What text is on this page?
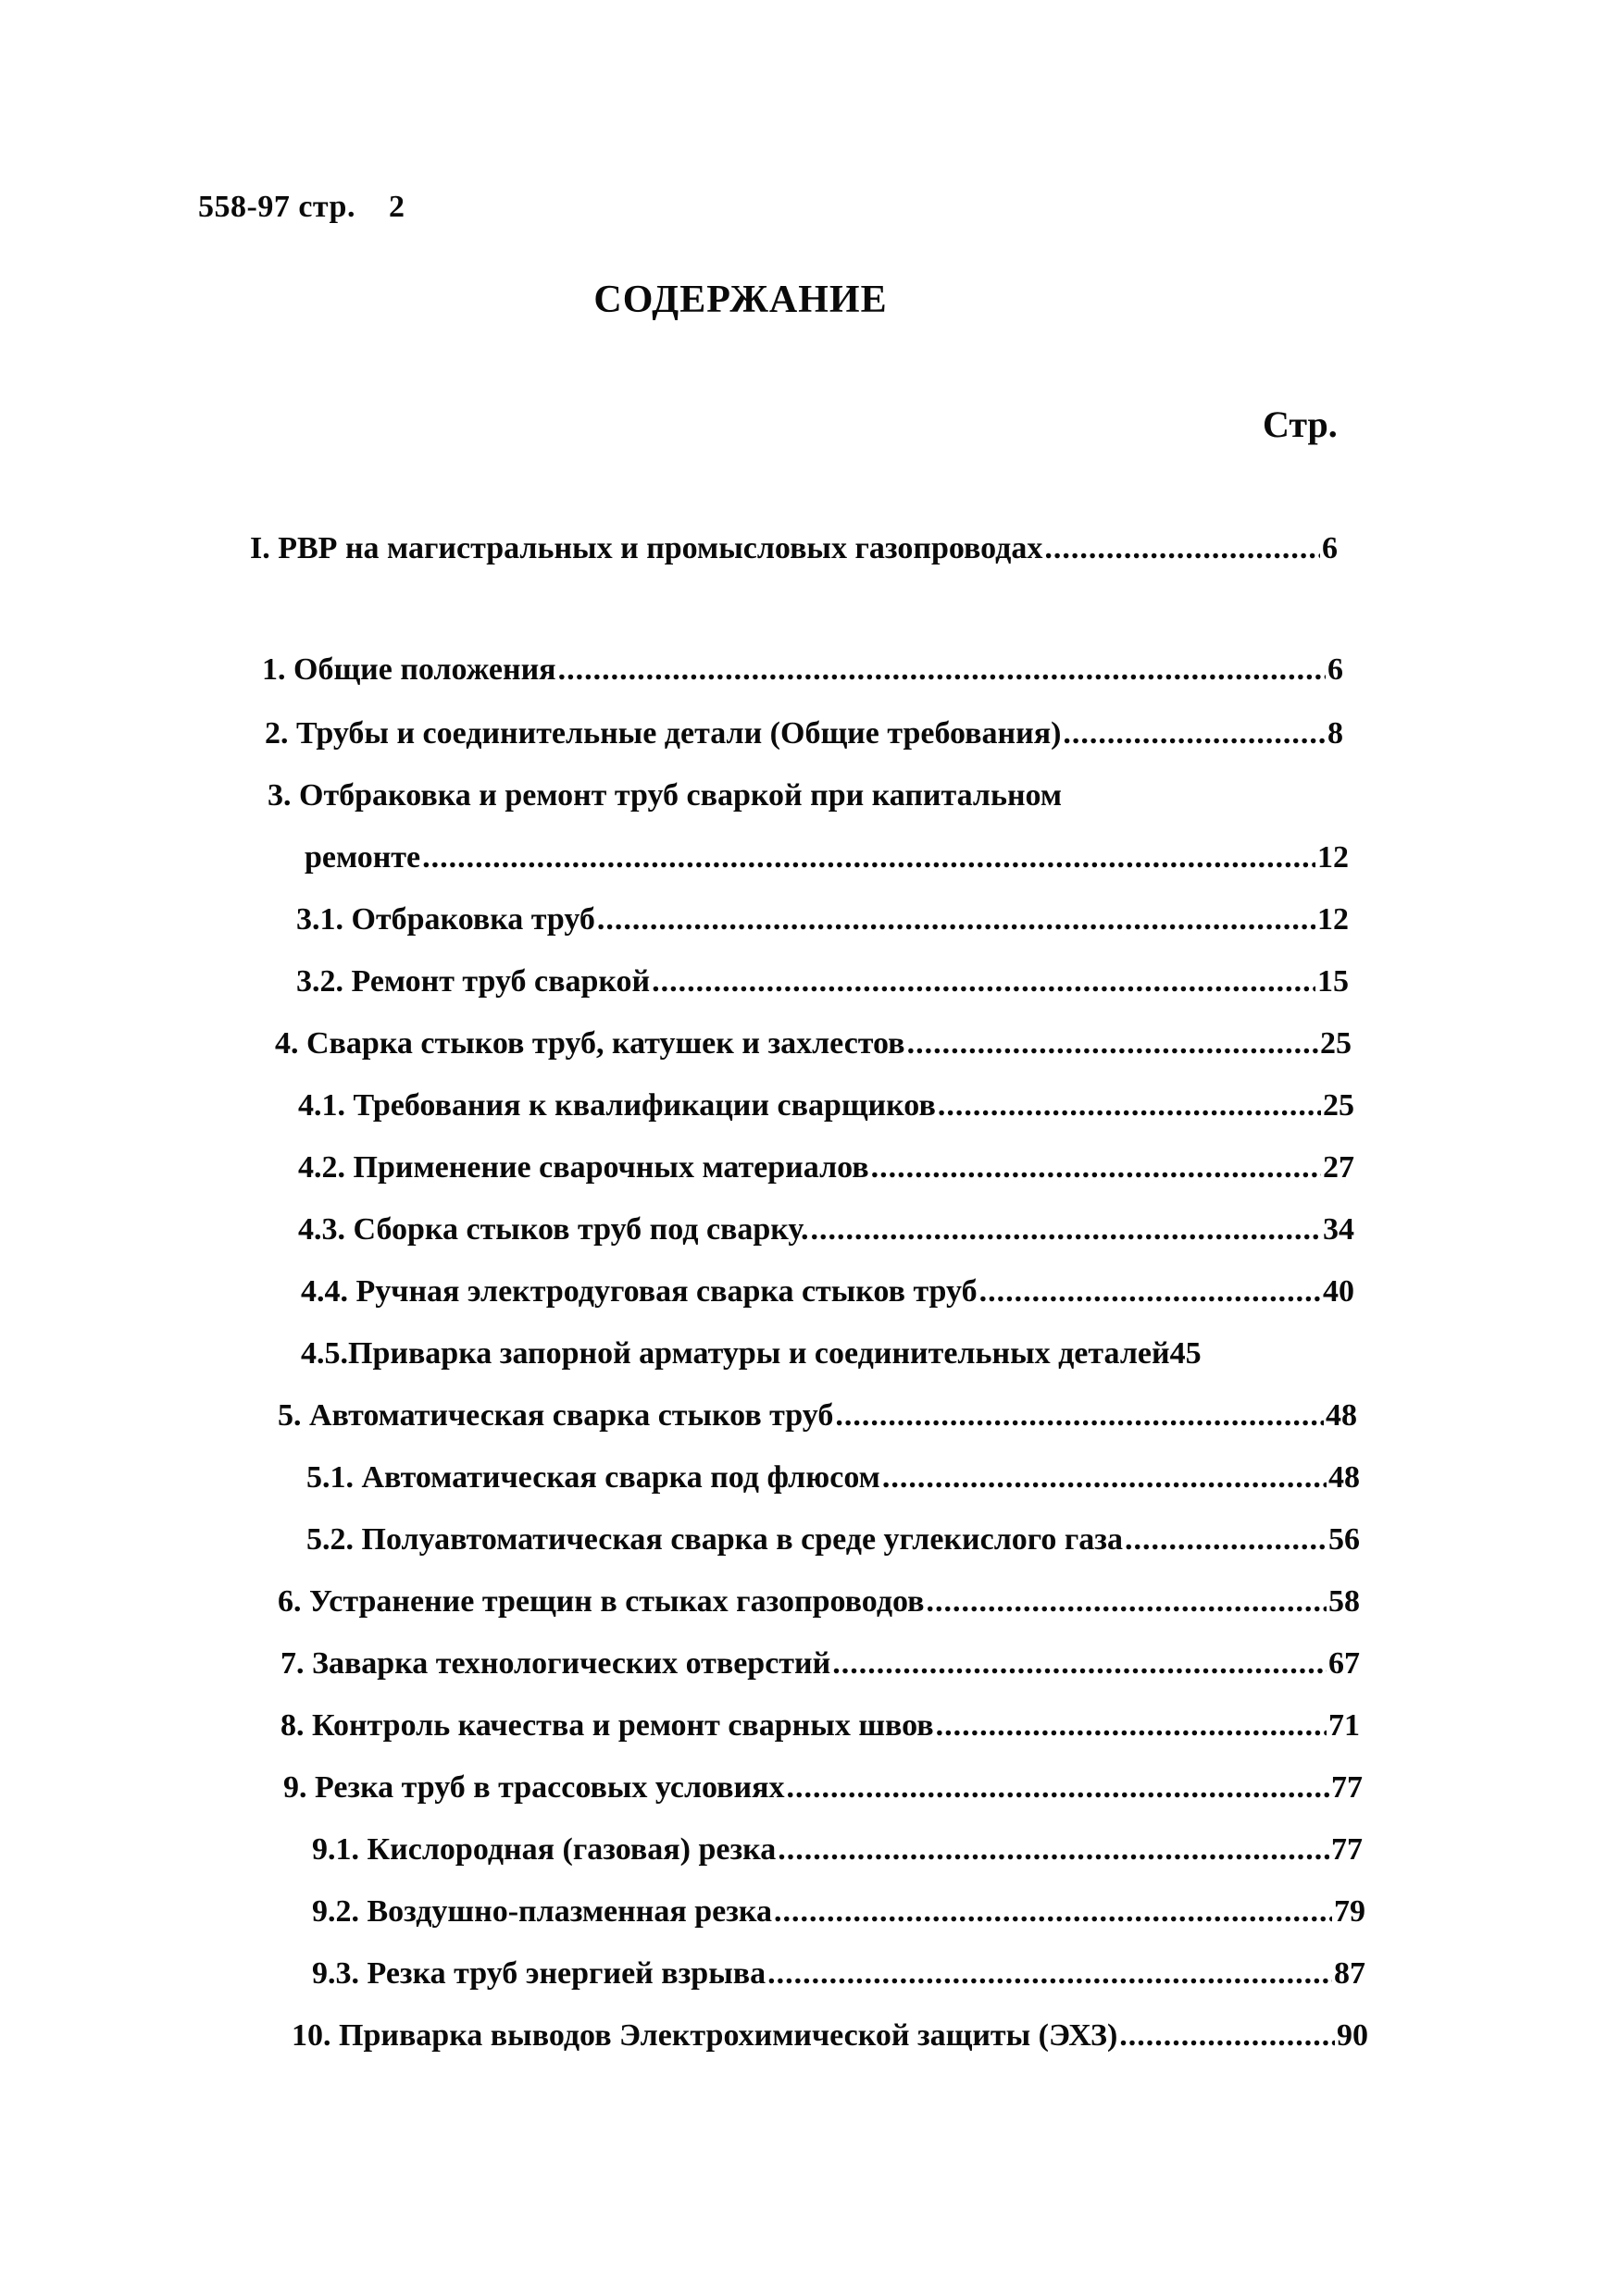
558-97 стр. 2
СОДЕРЖАНИЕ
Стр.
I. РВР на магистральных и промысловых газопроводах .....	6
1. Общие положения .....	6
2. Трубы и соединительные детали (Общие требования) .....	8
3. Отбраковка и ремонт труб сваркой при капитальном
ремонте .....	12
3.1. Отбраковка труб .....	12
3.2. Ремонт труб сваркой .....	15
4. Сварка стыков труб, катушек и захлестов .....	25
4.1. Требования к квалификации сварщиков .....	25
4.2. Применение сварочных материалов .....	27
4.3. Сборка стыков труб под сварку. .....	34
4.4. Ручная электродуговая сварка стыков труб .....	40
4.5.Приварка запорной арматуры и соединительных деталей 45
5. Автоматическая сварка стыков труб .....	48
5.1. Автоматическая сварка под флюсом .....	48
5.2. Полуавтоматическая сварка в среде углекислого газа .....	56
6. Устранение трещин в стыках газопроводов .....	58
7. Заварка технологических отверстий .....	67
8. Контроль качества и ремонт сварных швов .....	71
9. Резка труб в трассовых условиях .....	77
9.1. Кислородная (газовая) резка .....	77
9.2. Воздушно-плазменная резка .....	79
9.3. Резка труб энергией взрыва .....	87
10. Приварка выводов Электрохимической защиты (ЭХЗ) .....	90
